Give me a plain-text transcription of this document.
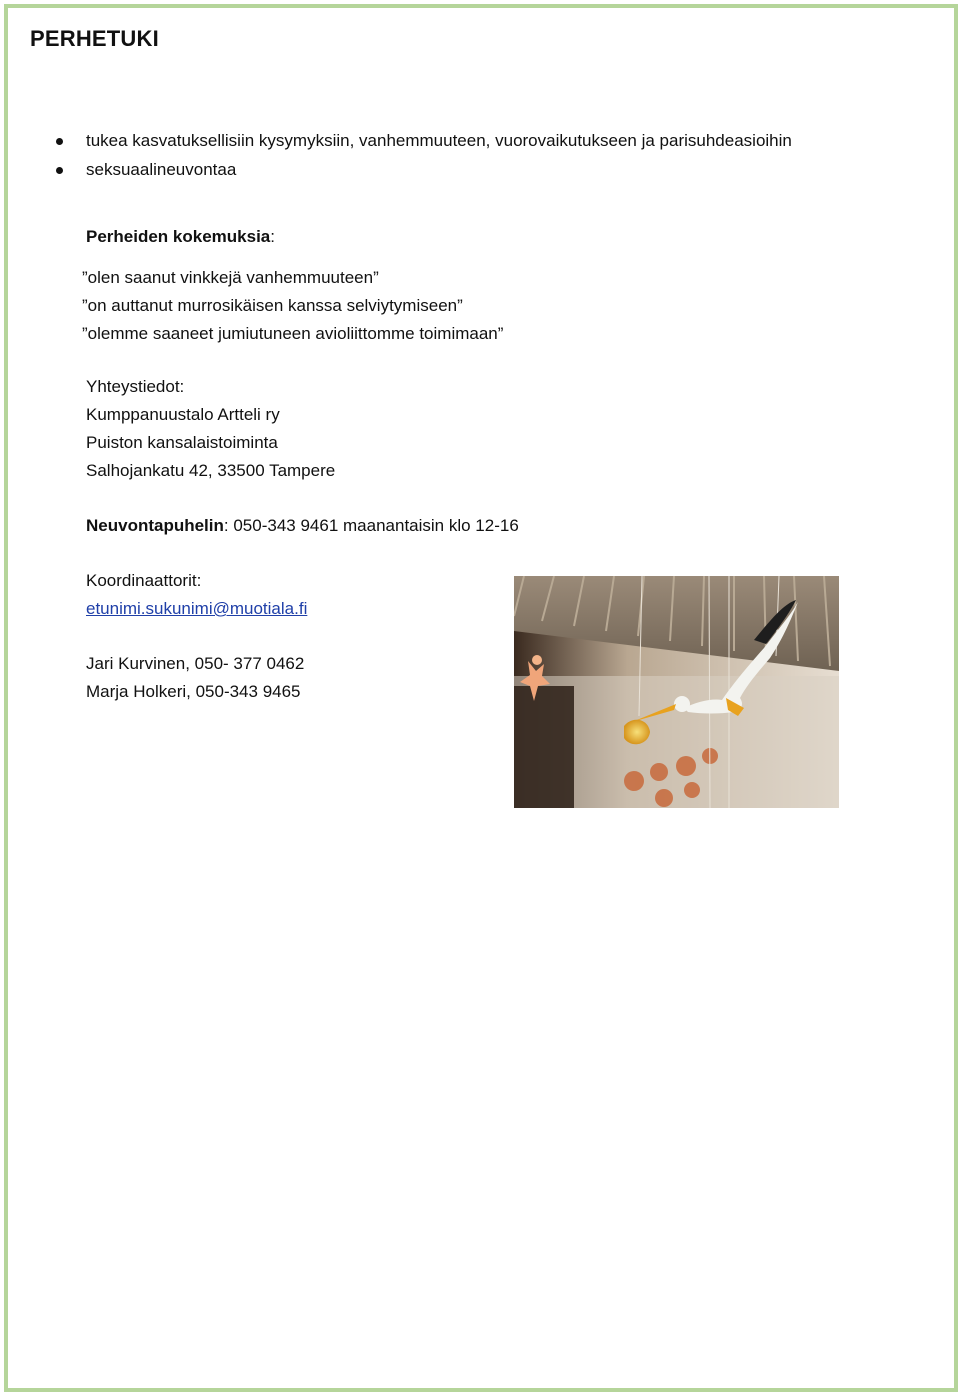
PERHETUKI
tukea kasvatuksellisiin kysymyksiin, vanhemmuuteen, vuorovaikutukseen ja parisuhdeasioihin
seksuaalineuvontaa
Perheiden kokemuksia:
”olen saanut vinkkejä vanhemmuuteen”
”on auttanut murrosikäisen kanssa selviytymiseen”
”olemme saaneet jumiutuneen avioliittomme toimimaan”
Yhteystiedot:
Kumppanuustalo Artteli ry
Puiston kansalaistoiminta
Salhojankatu 42, 33500 Tampere
Neuvontapuhelin: 050-343 9461 maanantaisin klo 12-16
Koordinaattorit:
etunimi.sukunimi@muotiala.fi
Jari Kurvinen, 050- 377 0462
Marja Holkeri, 050-343 9465
